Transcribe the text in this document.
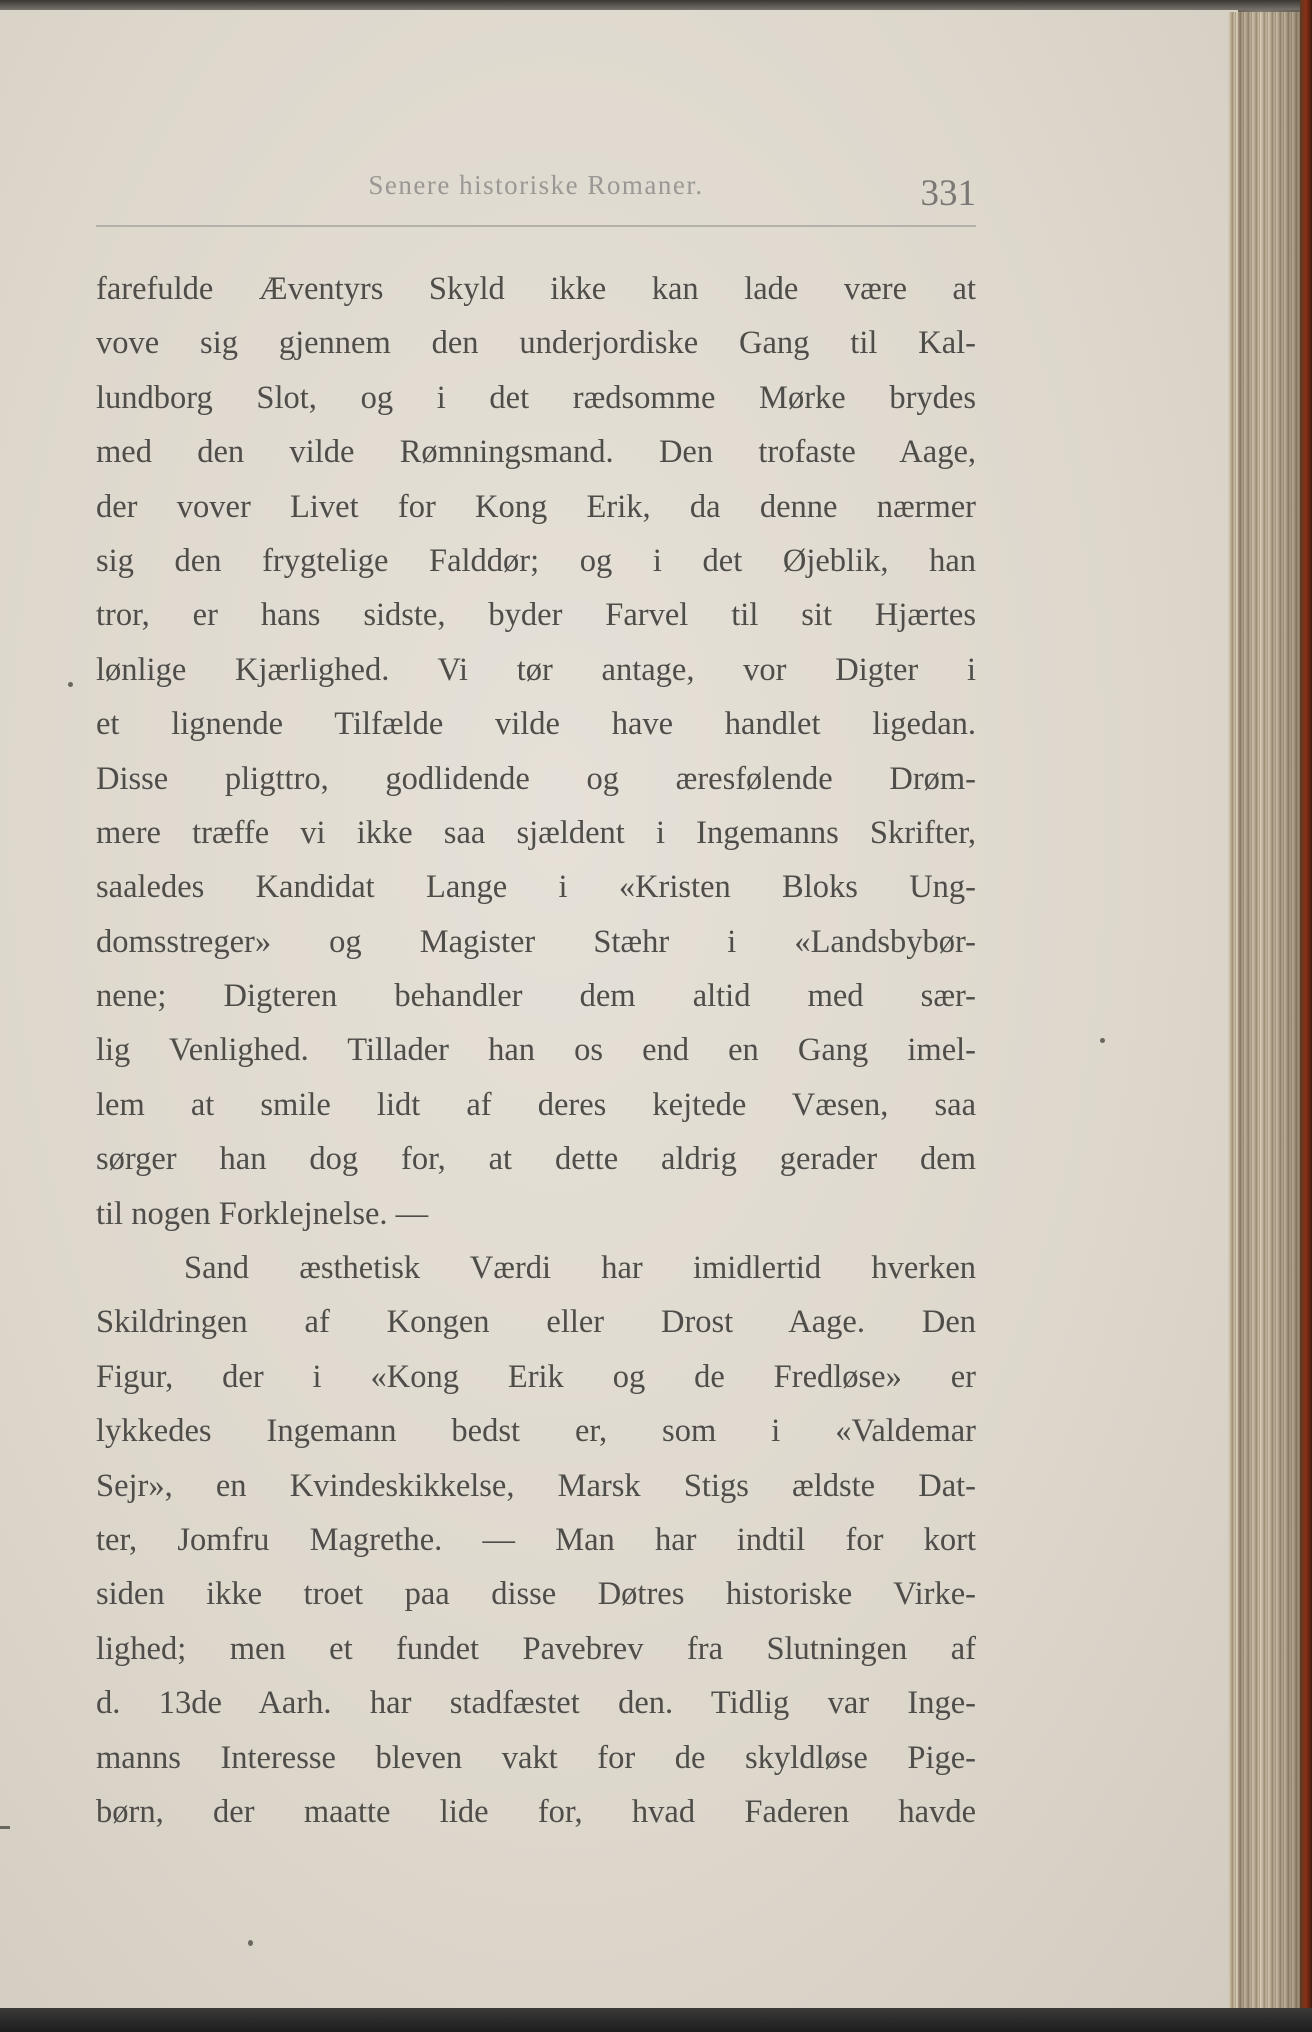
Senere historiske Romaner.	331
farefulde Æventyrs Skyld ikke kan lade være at
vove sig gjennem den underjordiske Gang til Kal-
lundborg Slot, og i det rædsomme Mørke brydes
med den vilde Rømningsmand. Den trofaste Aage,
der vover Livet for Kong Erik, da denne nærmer
sig den frygtelige Falddør; og i det Øjeblik, han
tror, er hans sidste, byder Farvel til sit Hjærtes
lønlige Kjærlighed. Vi tør antage, vor Digter i
et lignende Tilfælde vilde have handlet ligedan.
Disse pligttro, godlidende og æresfølende Drøm-
mere træffe vi ikke saa sjældent i Ingemanns Skrifter,
saaledes Kandidat Lange i «Kristen Bloks Ung-
domsstreger» og Magister Stæhr i «Landsbybør-
nene; Digteren behandler dem altid med sær-
lig Venlighed. Tillader han os end en Gang imel-
lem at smile lidt af deres kejtede Væsen, saa
sørger han dog for, at dette aldrig gerader dem
til nogen Forklejnelse. —
Sand æsthetisk Værdi har imidlertid hverken
Skildringen af Kongen eller Drost Aage. Den
Figur, der i «Kong Erik og de Fredløse» er
lykkedes Ingemann bedst er, som i «Valdemar
Sejr», en Kvindeskikkelse, Marsk Stigs ældste Dat-
ter, Jomfru Magrethe. — Man har indtil for kort
siden ikke troet paa disse Døtres historiske Virke-
lighed; men et fundet Pavebrev fra Slutningen af
d. 13de Aarh. har stadfæstet den. Tidlig var Inge-
manns Interesse bleven vakt for de skyldløse Pige-
børn, der maatte lide for, hvad Faderen havde
